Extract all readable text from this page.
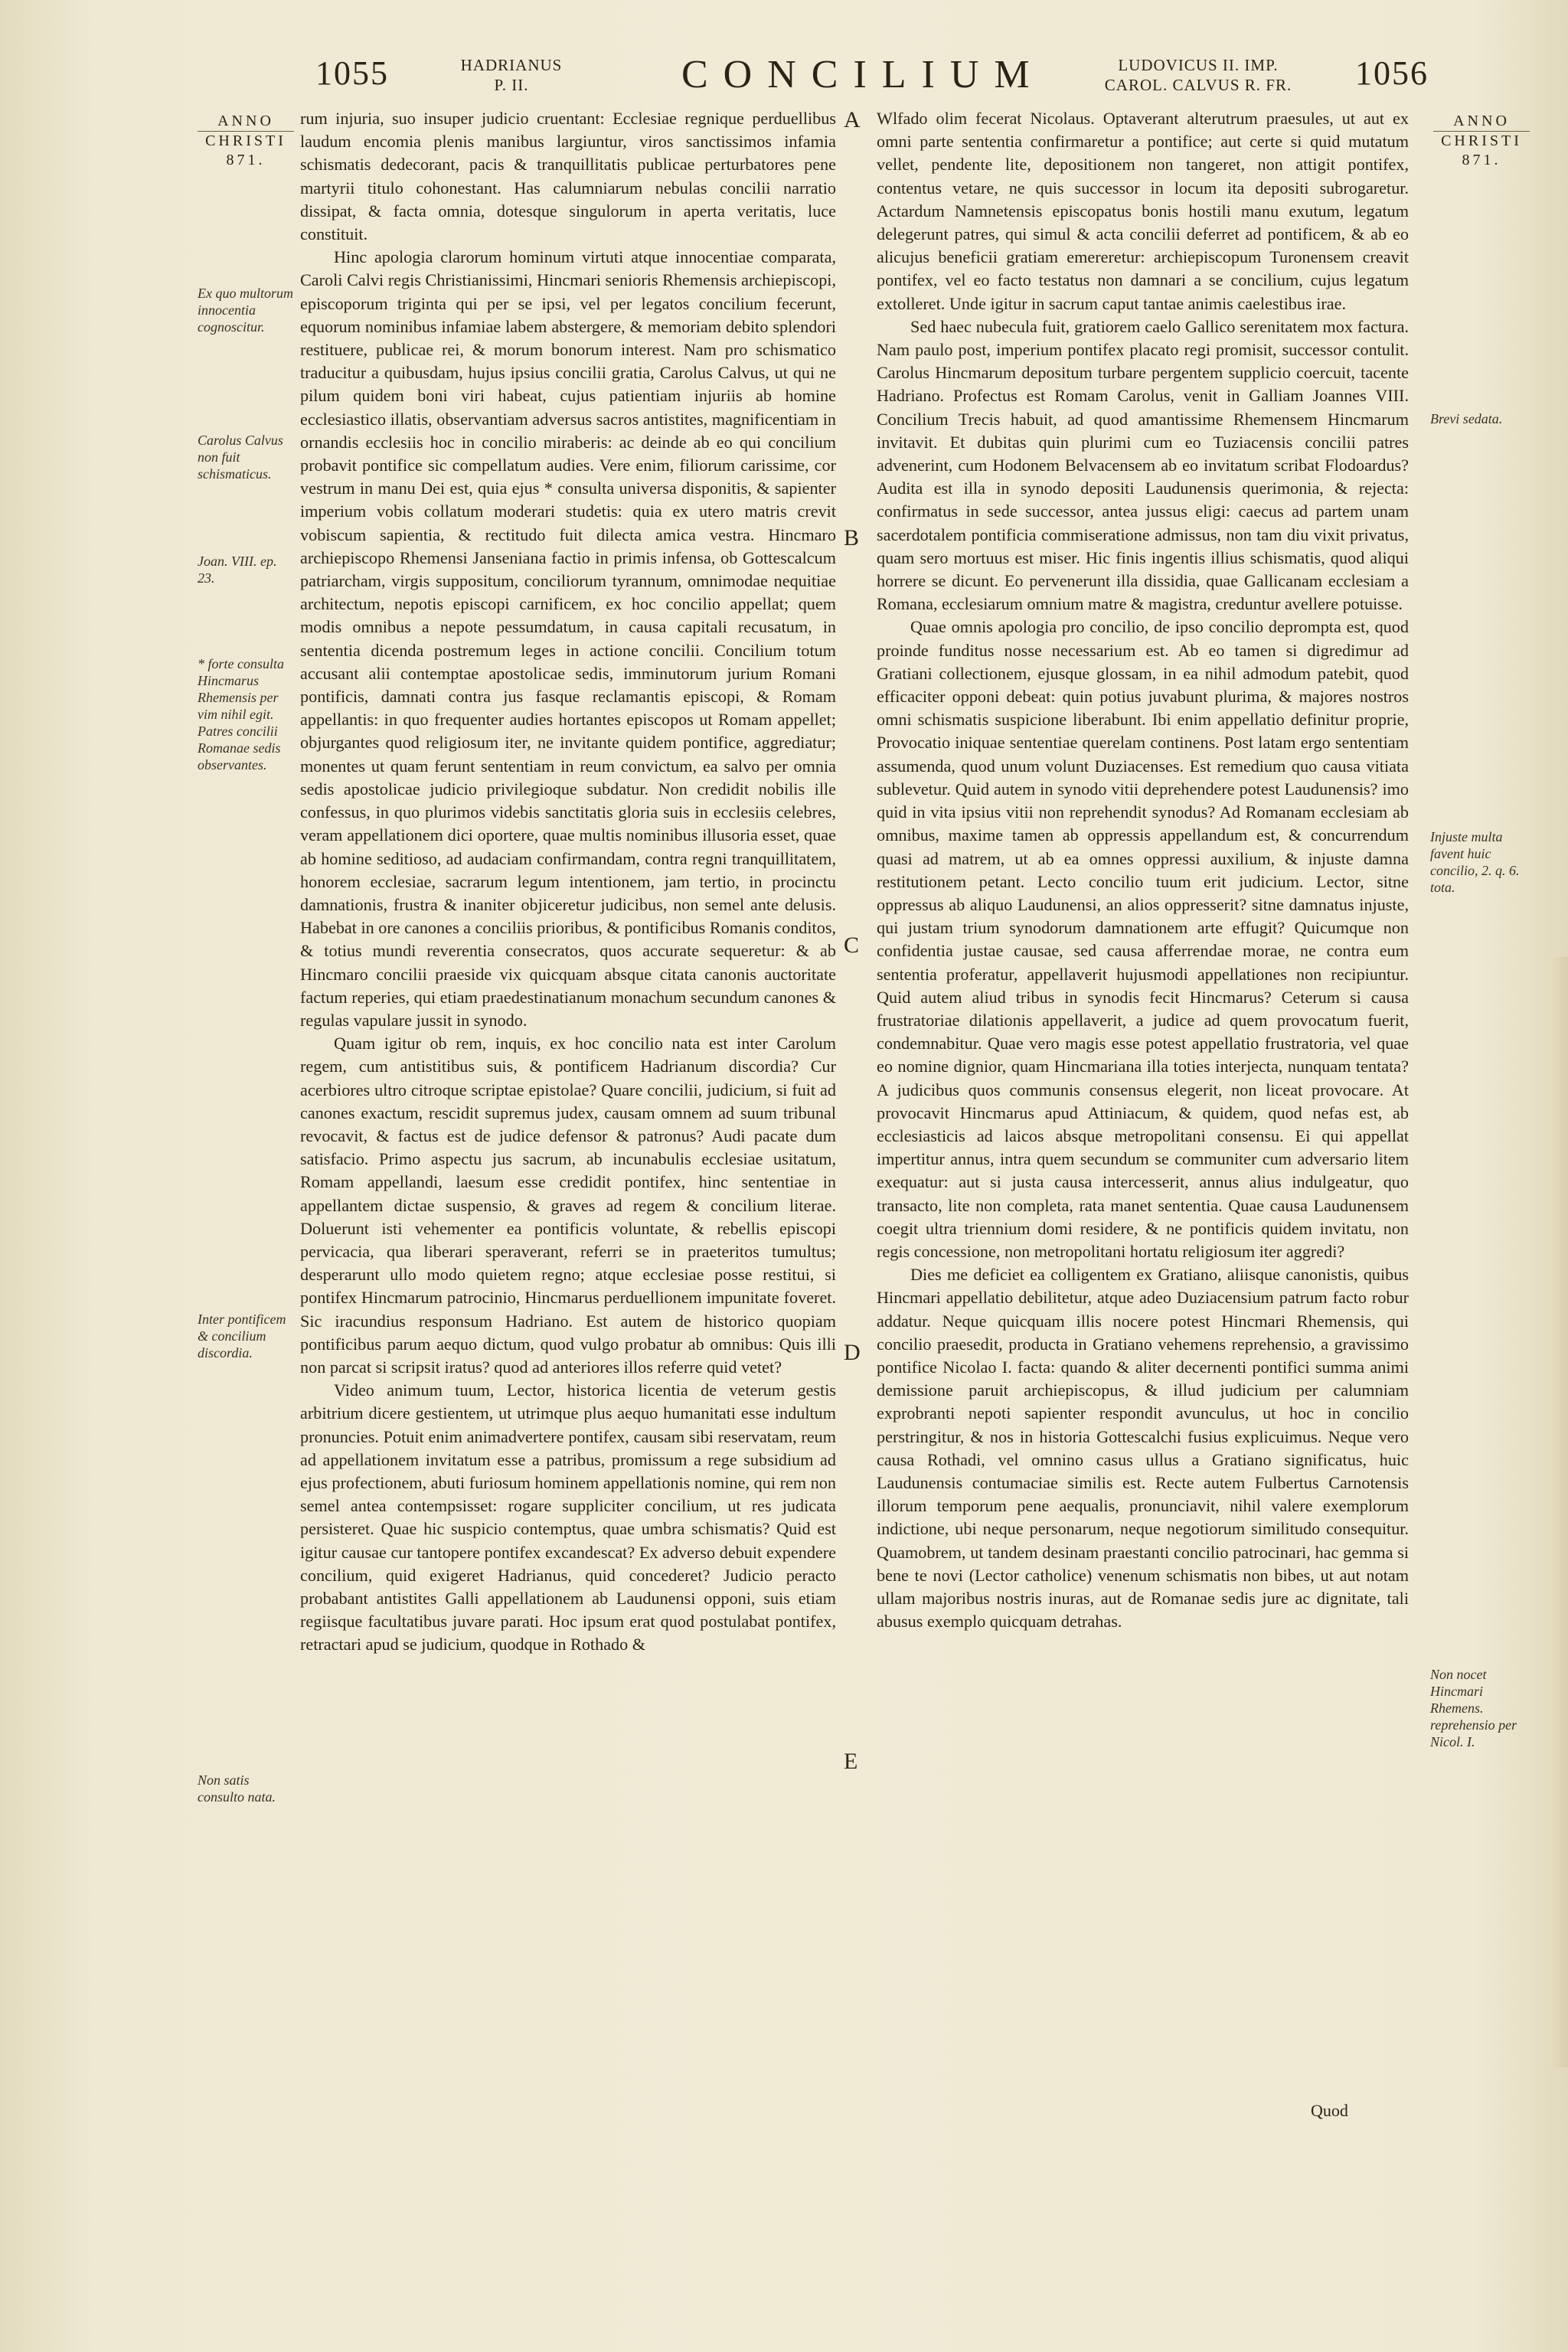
1055	HADRIANUS
P. II.	CONCILIUM	LUDOVICUS II. IMP.
CAROL. CALVUS R. FR.	1056
ANNO

CHRISTI
871.
ANNO

CHRISTI
871.
Ex quo multorum innocentia cognoscitur.
Carolus Calvus non fuit schismaticus.
Joan. VIII. ep. 23.
* forte consulta Hincmarus Rhemensis per vim nihil egit. Patres concilii Romanae sedis observantes.
Inter pontificem & concilium discordia.
Non satis consulto nata.
Brevi sedata.
Injuste multa favent huic concilio, 2. q. 6. tota.
Non nocet Hincmari Rhemens. reprehensio per Nicol. I.
A
B
C
D
E

rum injuria, suo insuper judicio cruentant: Ecclesiae regnique perduellibus laudum encomia plenis manibus largiuntur, viros sanctissimos infamia schismatis dedecorant, pacis & tranquillitatis publicae perturbatores pene martyrii titulo cohonestant. Has calumniarum nebulas concilii narratio dissipat, & facta omnia, dotesque singulorum in aperta veritatis, luce constituit.

Hinc apologia clarorum hominum virtuti atque innocentiae comparata, Caroli Calvi regis Christianissimi, Hincmari senioris Rhemensis archiepiscopi, episcoporum triginta qui per se ipsi, vel per legatos concilium fecerunt, equorum nominibus infamiae labem abstergere, & memoriam debito splendori restituere, publicae rei, & morum bonorum interest. Nam pro schismatico traducitur a quibusdam, hujus ipsius concilii gratia, Carolus Calvus, ut qui ne pilum quidem boni viri habeat, cujus patientiam injuriis ab homine ecclesiastico illatis, observantiam adversus sacros antistites, magnificentiam in ornandis ecclesiis hoc in concilio miraberis: ac deinde ab eo qui concilium probavit pontifice sic compellatum audies. Vere enim, filiorum carissime, cor vestrum in manu Dei est, quia ejus * consulta universa disponitis, & sapienter imperium vobis collatum moderari studetis: quia ex utero matris crevit vobiscum sapientia, & rectitudo fuit dilecta amica vestra. Hincmaro archiepiscopo Rhemensi Janseniana factio in primis infensa, ob Gottescalcum patriarcham, virgis suppositum, conciliorum tyrannum, omnimodae nequitiae architectum, nepotis episcopi carnificem, ex hoc concilio appellat; quem modis omnibus a nepote pessumdatum, in causa capitali recusatum, in sententia dicenda postremum leges in actione concilii. Concilium totum accusant alii contemptae apostolicae sedis, imminutorum jurium Romani pontificis, damnati contra jus fasque reclamantis episcopi, & Romam appellantis: in quo frequenter audies hortantes episcopos ut Romam appellet; objurgantes quod religiosum iter, ne invitante quidem pontifice, aggrediatur; monentes ut quam ferunt sententiam in reum convictum, ea salvo per omnia sedis apostolicae judicio privilegioque subdatur. Non credidit nobilis ille confessus, in quo plurimos videbis sanctitatis gloria suis in ecclesiis celebres, veram appellationem dici oportere, quae multis nominibus illusoria esset, quae ab homine seditioso, ad audaciam confirmandam, contra regni tranquillitatem, honorem ecclesiae, sacrarum legum intentionem, jam tertio, in procinctu damnationis, frustra & inaniter objiceretur judicibus, non semel ante delusis. Habebat in ore canones a conciliis prioribus, & pontificibus Romanis conditos, & totius mundi reverentia consecratos, quos accurate sequeretur: & ab Hincmaro concilii praeside vix quicquam absque citata canonis auctoritate factum reperies, qui etiam praedestinatianum monachum secundum canones & regulas vapulare jussit in synodo.

Quam igitur ob rem, inquis, ex hoc concilio nata est inter Carolum regem, cum antistitibus suis, & pontificem Hadrianum discordia? Cur acerbiores ultro citroque scriptae epistolae? Quare concilii, judicium, si fuit ad canones exactum, rescidit supremus judex, causam omnem ad suum tribunal revocavit, & factus est de judice defensor & patronus? Audi pacate dum satisfacio. Primo aspectu jus sacrum, ab incunabulis ecclesiae usitatum, Romam appellandi, laesum esse credidit pontifex, hinc sententiae in appellantem dictae suspensio, & graves ad regem & concilium literae. Doluerunt isti vehementer ea pontificis voluntate, & rebellis episcopi pervicacia, qua liberari speraverant, referri se in praeteritos tumultus; desperarunt ullo modo quietem regno; atque ecclesiae posse restitui, si pontifex Hincmarum patrocinio, Hincmarus perduellionem impunitate foveret. Sic iracundius responsum Hadriano. Est autem de historico quopiam pontificibus parum aequo dictum, quod vulgo probatur ab omnibus: Quis illi non parcat si scripsit iratus? quod ad anteriores illos referre quid vetet?

Video animum tuum, Lector, historica licentia de veterum gestis arbitrium dicere gestientem, ut utrimque plus aequo humanitati esse indultum pronuncies. Potuit enim animadvertere pontifex, causam sibi reservatam, reum ad appellationem invitatum esse a patribus, promissum a rege subsidium ad ejus profectionem, abuti furiosum hominem appellationis nomine, qui rem non semel antea contempsisset: rogare suppliciter concilium, ut res judicata persisteret. Quae hic suspicio contemptus, quae umbra schismatis? Quid est igitur causae cur tantopere pontifex excandescat? Ex adverso debuit expendere concilium, quid exigeret Hadrianus, quid concederet? Judicio peracto probabant antistites Galli appellationem ab Laudunensi opponi, suis etiam regiisque facultatibus juvare parati. Hoc ipsum erat quod postulabat pontifex, retractari apud se judicium, quodque in Rothado &

Wlfado olim fecerat Nicolaus. Optaverant alterutrum praesules, ut aut ex omni parte sententia confirmaretur a pontifice; aut certe si quid mutatum vellet, pendente lite, depositionem non tangeret, non attigit pontifex, contentus vetare, ne quis successor in locum ita depositi subrogaretur. Actardum Namnetensis episcopatus bonis hostili manu exutum, legatum delegerunt patres, qui simul & acta concilii deferret ad pontificem, & ab eo alicujus beneficii gratiam emereretur: archiepiscopum Turonensem creavit pontifex, vel eo facto testatus non damnari a se concilium, cujus legatum extolleret. Unde igitur in sacrum caput tantae animis caelestibus irae.

Sed haec nubecula fuit, gratiorem caelo Gallico serenitatem mox factura. Nam paulo post, imperium pontifex placato regi promisit, successor contulit. Carolus Hincmarum depositum turbare pergentem supplicio coercuit, tacente Hadriano. Profectus est Romam Carolus, venit in Galliam Joannes VIII. Concilium Trecis habuit, ad quod amantissime Rhemensem Hincmarum invitavit. Et dubitas quin plurimi cum eo Tuziacensis concilii patres advenerint, cum Hodonem Belvacensem ab eo invitatum scribat Flodoardus? Audita est illa in synodo depositi Laudunensis querimonia, & rejecta: confirmatus in sede successor, antea jussus eligi: caecus ad partem unam sacerdotalem pontificia commiseratione admissus, non tam diu vixit privatus, quam sero mortuus est miser. Hic finis ingentis illius schismatis, quod aliqui horrere se dicunt. Eo pervenerunt illa dissidia, quae Gallicanam ecclesiam a Romana, ecclesiarum omnium matre & magistra, creduntur avellere potuisse.

Quae omnis apologia pro concilio, de ipso concilio deprompta est, quod proinde funditus nosse necessarium est. Ab eo tamen si digredimur ad Gratiani collectionem, ejusque glossam, in ea nihil admodum patebit, quod efficaciter opponi debeat: quin potius juvabunt plurima, & majores nostros omni schismatis suspicione liberabunt. Ibi enim appellatio definitur proprie, Provocatio iniquae sententiae querelam continens. Post latam ergo sententiam assumenda, quod unum volunt Duziacenses. Est remedium quo causa vitiata sublevetur. Quid autem in synodo vitii deprehendere potest Laudunensis? imo quid in vita ipsius vitii non reprehendit synodus? Ad Romanam ecclesiam ab omnibus, maxime tamen ab oppressis appellandum est, & concurrendum quasi ad matrem, ut ab ea omnes oppressi auxilium, & injuste damna restitutionem petant. Lecto concilio tuum erit judicium. Lector, sitne oppressus ab aliquo Laudunensi, an alios oppresserit? sitne damnatus injuste, qui justam trium synodorum damnationem arte effugit? Quicumque non confidentia justae causae, sed causa afferrendae morae, ne contra eum sententia proferatur, appellaverit hujusmodi appellationes non recipiuntur. Quid autem aliud tribus in synodis fecit Hincmarus? Ceterum si causa frustratoriae dilationis appellaverit, a judice ad quem provocatum fuerit, condemnabitur. Quae vero magis esse potest appellatio frustratoria, vel quae eo nomine dignior, quam Hincmariana illa toties interjecta, nunquam tentata? A judicibus quos communis consensus elegerit, non liceat provocare. At provocavit Hincmarus apud Attiniacum, & quidem, quod nefas est, ab ecclesiasticis ad laicos absque metropolitani consensu. Ei qui appellat impertitur annus, intra quem secundum se communiter cum adversario litem exequatur: aut si justa causa intercesserit, annus alius indulgeatur, quo transacto, lite non completa, rata manet sententia. Quae causa Laudunensem coegit ultra triennium domi residere, & ne pontificis quidem invitatu, non regis concessione, non metropolitani hortatu religiosum iter aggredi?

Dies me deficiet ea colligentem ex Gratiano, aliisque canonistis, quibus Hincmari appellatio debilitetur, atque adeo Duziacensium patrum facto robur addatur. Neque quicquam illis nocere potest Hincmari Rhemensis, qui concilio praesedit, producta in Gratiano vehemens reprehensio, a gravissimo pontifice Nicolao I. facta: quando & aliter decernenti pontifici summa animi demissione paruit archiepiscopus, & illud judicium per calumniam exprobranti nepoti sapienter respondit avunculus, ut hoc in concilio perstringitur, & nos in historia Gottescalchi fusius explicuimus. Neque vero causa Rothadi, vel omnino casus ullus a Gratiano significatus, huic Laudunensis contumaciae similis est. Recte autem Fulbertus Carnotensis illorum temporum pene aequalis, pronunciavit, nihil valere exemplorum indictione, ubi neque personarum, neque negotiorum similitudo consequitur. Quamobrem, ut tandem desinam praestanti concilio patrocinari, hac gemma si bene te novi (Lector catholice) venenum schismatis non bibes, ut aut notam ullam majoribus nostris inuras, aut de Romanae sedis jure ac dignitate, tali abusus exemplo quicquam detrahas.

Quod
